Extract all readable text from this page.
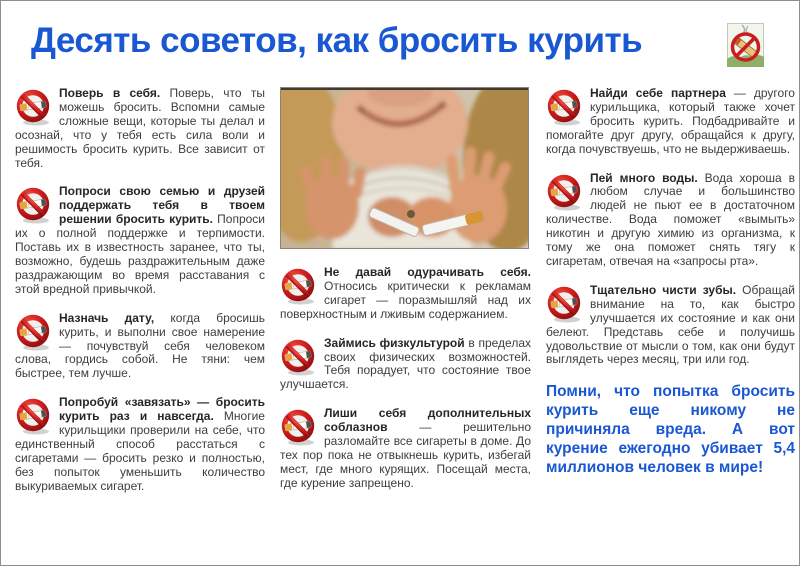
Десять советов, как бросить курить

Поверь в себя. Поверь, что ты можешь бросить. Вспомни самые сложные вещи, которые ты делал и осознай, что у тебя есть сила воли и решимость бросить курить. Все зависит от тебя.

Попроси свою семью и друзей поддержать тебя в твоем решении бросить курить. Попроси их о полной поддержке и терпимости. Поставь их в известность заранее, что ты, возможно, будешь раздражительным даже раздражающим во время расставания с этой вредной привычкой.

Назначь дату, когда бросишь курить, и выполни свое намерение — почувствуй себя человеком слова, гордись собой. Не тяни: чем быстрее, тем лучше.

Попробуй «завязать» — бросить курить раз и навсегда. Многие курильщики проверили на себе, что единственный способ расстаться с сигаретами — бросить резко и полностью, без попыток уменьшить количество выкуриваемых сигарет.

Не давай одурачивать себя. Относись критически к рекламам сигарет — поразмышляй над их поверхностным и лживым содержанием.

Займись физкультурой в пределах своих физических возможностей. Тебя порадует, что состояние твое улучшается.

Лиши себя дополнительных соблазнов	— решительно разломайте все сигареты в доме. До тех пор пока не отвыкнешь курить, избегай мест, где много курящих. Посещай места, где курение запрещено.

Найди себе партнера — другого курильщика, который также хочет бросить курить. Подбадривайте и помогайте друг другу, обращайся к другу, когда почувствуешь, что не выдерживаешь.

Пей много воды. Вода хороша в любом случае и большинство людей не пьют ее в достаточном количестве. Вода поможет «вымыть» никотин и другую химию из организма, к тому же она поможет снять тягу к сигаретам, отвечая на «запросы рта».

Тщательно чисти зубы. Обращай внимание на то, как быстро улучшается их состояние и как они белеют. Представь себе и получишь удовольствие от мысли о том, как они будут выглядеть через месяц, три или год.

Помни, что попытка бросить курить еще никому не причиняла вреда. А вот курение ежегодно убивает 5,4 миллионов человек в мире!
